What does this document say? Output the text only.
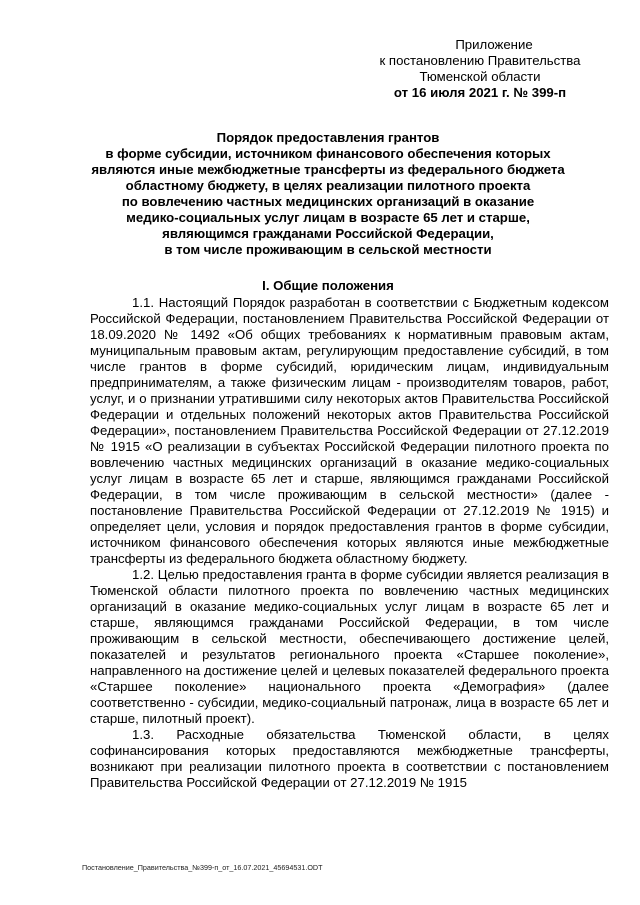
Приложение
к постановлению Правительства
Тюменской области
от 16 июля 2021 г. № 399-п
Порядок предоставления грантов
в форме субсидии, источником финансового обеспечения которых
являются иные межбюджетные трансферты из федерального бюджета
областному бюджету, в целях реализации пилотного проекта
по вовлечению частных медицинских организаций в оказание
медико-социальных услуг лицам в возрасте 65 лет и старше,
являющимся гражданами Российской Федерации,
в том числе проживающим в сельской местности
I. Общие положения

1.1. Настоящий Порядок разработан в соответствии с Бюджетным кодексом Российской Федерации, постановлением Правительства Российской Федерации от 18.09.2020 № 1492 «Об общих требованиях к нормативным правовым актам, муниципальным правовым актам, регулирующим предоставление субсидий, в том числе грантов в форме субсидий, юридическим лицам, индивидуальным предпринимателям, а также физическим лицам - производителям товаров, работ, услуг, и о признании утратившими силу некоторых актов Правительства Российской Федерации и отдельных положений некоторых актов Правительства Российской Федерации», постановлением Правительства Российской Федерации от 27.12.2019 № 1915 «О реализации в субъектах Российской Федерации пилотного проекта по вовлечению частных медицинских организаций в оказание медико-социальных услуг лицам в возрасте 65 лет и старше, являющимся гражданами Российской Федерации, в том числе проживающим в сельской местности» (далее - постановление Правительства Российской Федерации от 27.12.2019 № 1915) и определяет цели, условия и порядок предоставления грантов в форме субсидии, источником финансового обеспечения которых являются иные межбюджетные трансферты из федерального бюджета областному бюджету.

1.2. Целью предоставления гранта в форме субсидии является реализация в Тюменской области пилотного проекта по вовлечению частных медицинских организаций в оказание медико-социальных услуг лицам в возрасте 65 лет и старше, являющимся гражданами Российской Федерации, в том числе проживающим в сельской местности, обеспечивающего достижение целей, показателей и результатов регионального проекта «Старшее поколение», направленного на достижение целей и целевых показателей федерального проекта «Старшее поколение» национального проекта «Демография» (далее соответственно - субсидии, медико-социальный патронаж, лица в возрасте 65 лет и старше, пилотный проект).

1.3. Расходные обязательства Тюменской области, в целях софинансирования которых предоставляются межбюджетные трансферты, возникают при реализации пилотного проекта в соответствии с постановлением Правительства Российской Федерации от 27.12.2019 № 1915

Постановление_Правительства_№399-п_от_16.07.2021_45694531.ODT
